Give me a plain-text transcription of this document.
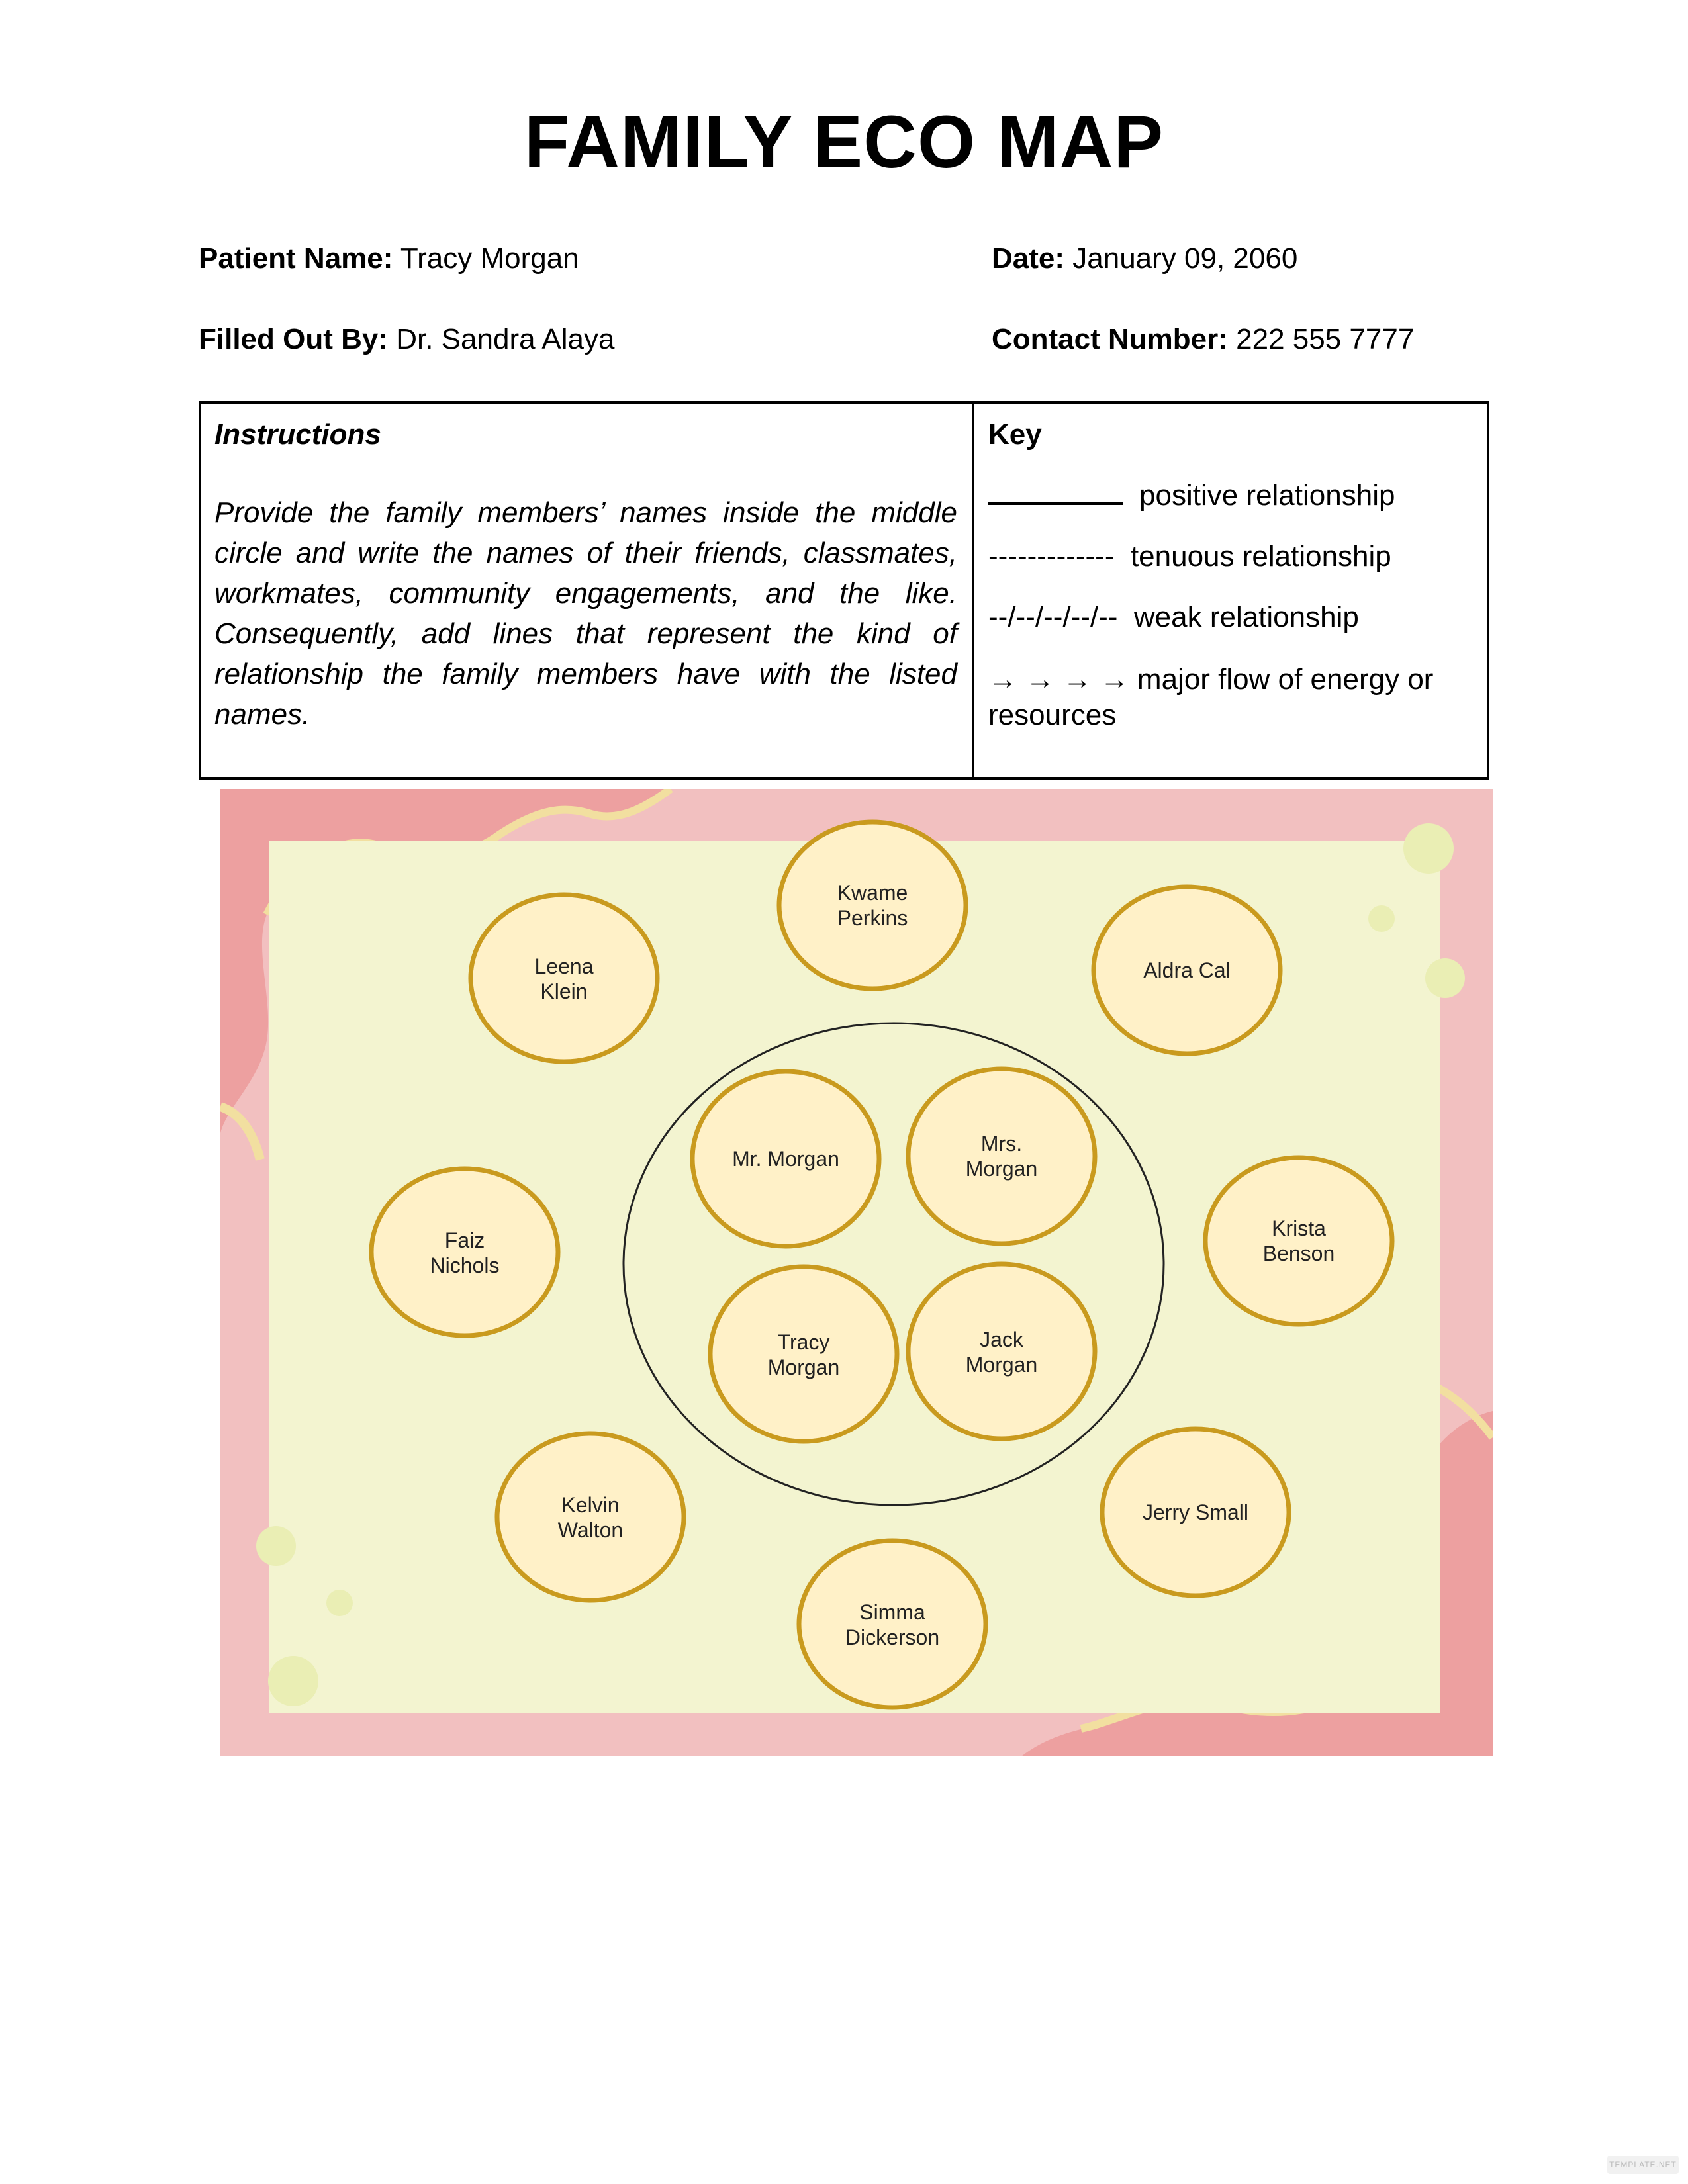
FAMILY ECO MAP
Patient Name: Tracy Morgan	Date: January 09, 2060
Filled Out By: Dr. Sandra Alaya	Contact Number: 222 555 7777
Instructions
Provide the family members’ names inside the middle circle and write the names of their friends, classmates, workmates, community engagements, and the like. Consequently, add lines that represent the kind of relationship the family members have with the listed names.
Key
positive relationship
------------- tenuous relationship
--/--/--/--/-- weak relationship
→ → → → major flow of energy or resources
Mr. Morgan
Mrs.
Morgan
Tracy
Morgan
Jack
Morgan
Kwame
Perkins
Leena
Klein
Aldra Cal
Faiz
Nichols
Krista
Benson
Kelvin
Walton
Jerry Small
Simma
Dickerson
TEMPLATE.NET
